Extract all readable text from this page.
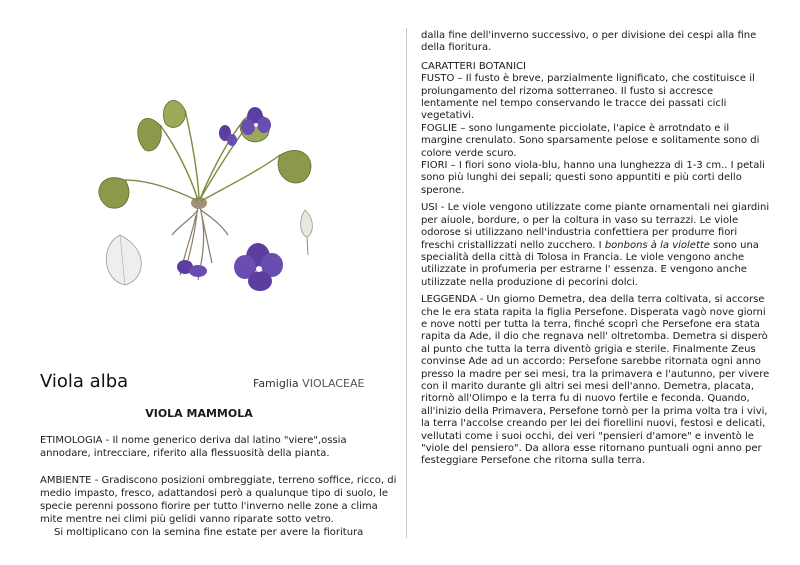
Viola alba	Famiglia VIOLACEAE
VIOLA MAMMOLA

ETIMOLOGIA - Il nome generico deriva dal latino "viere",ossia annodare, intrecciare, riferito alla flessuosità della pianta.

AMBIENTE - Gradiscono posizioni ombreggiate, terreno soffice, ricco, di medio impasto, fresco, adattandosi però a qualunque tipo di suolo, le specie perenni possono fiorire per tutto l'inverno nelle zone a clima mite mentre nei climi più gelidi vanno riparate sotto vetro.

Si moltiplicano con la semina fine estate per avere la fioritura

dalla fine dell'inverno successivo, o per divisione dei cespi alla fine della fioritura.

CARATTERI BOTANICI

FUSTO – Il fusto è breve, parzialmente lignificato, che costituisce il prolungamento del rizoma sotterraneo. Il fusto si accresce lentamente nel tempo conservando le tracce dei passati cicli vegetativi.

FOGLIE – sono lungamente picciolate, l'apice è arrotndato e il margine crenulato. Sono sparsamente pelose e solitamente sono di colore verde scuro.

FIORI – I fiori sono viola-blu, hanno una lunghezza di 1-3 cm.. I petali sono più lunghi dei sepali; questi sono appuntiti e più corti dello sperone.

USI - Le viole vengono utilizzate come piante ornamentali nei giardini per aiuole, bordure, o per la coltura in vaso su terrazzi. Le viole odorose si utilizzano nell'industria confettiera per produrre fiori freschi cristallizzati nello zucchero. I bonbons à la violette sono una specialità della città di Tolosa in Francia. Le viole vengono anche utilizzate in profumeria per estrarne l' essenza. E vengono anche utilizzate nella produzione di pecorini dolci.

LEGGENDA - Un giorno Demetra, dea della terra coltivata, si accorse che le era stata rapita la figlia Persefone. Disperata vagò nove giorni e nove notti per tutta la terra, finché scoprì che Persefone era stata rapita da Ade, il dio che regnava nell' oltretomba. Demetra si disperò al punto che tutta la terra diventò grigia e sterile. Finalmente Zeus convinse Ade ad un accordo: Persefone sarebbe ritornata ogni anno presso la madre per sei mesi, tra la primavera e l'autunno, per vivere con il marito durante gli altri sei mesi dell'anno. Demetra, placata, ritornò all'Olimpo e la terra fu di nuovo fertile e feconda. Quando, all'inizio della Primavera, Persefone tornò per la prima volta tra i vivi, la terra l'accolse creando per lei dei fiorellini nuovi, festosi e delicati, vellutati come i suoi occhi, dei veri "pensieri d'amore" e inventò le "viole del pensiero". Da allora esse ritornano puntuali ogni anno per festeggiare Persefone che ritorna sulla terra.
